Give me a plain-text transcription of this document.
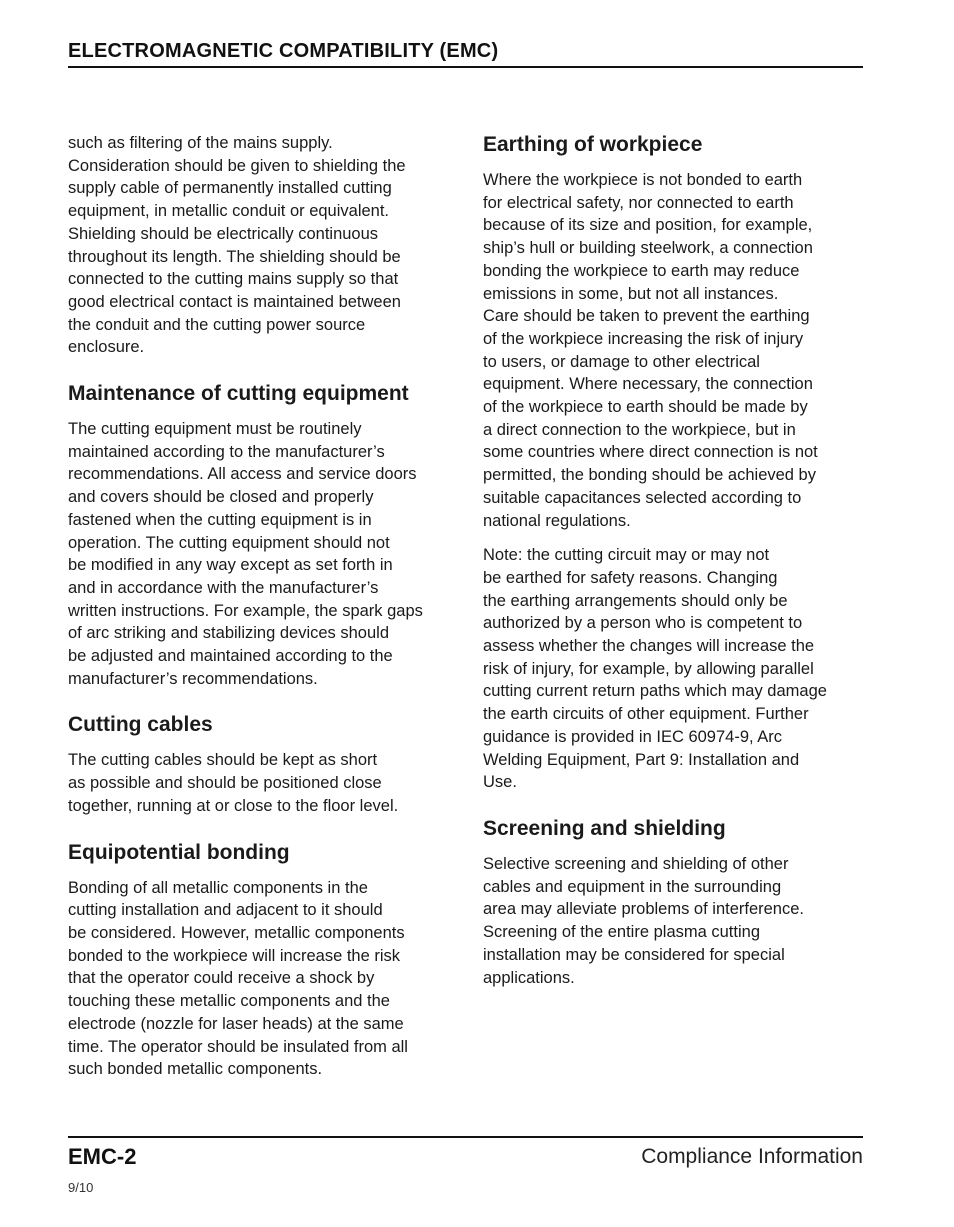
ELECTROMAGNETIC COMPATIBILITY (EMC)

such as filtering of the mains supply.
Consideration should be given to shielding the
supply cable of permanently installed cutting
equipment, in metallic conduit or equivalent.
Shielding should be electrically continuous
throughout its length. The shielding should be
connected to the cutting mains supply so that
good electrical contact is maintained between
the conduit and the cutting power source
enclosure.

Maintenance of cutting equipment

The cutting equipment must be routinely
maintained according to the manufacturer’s
recommendations. All access and service doors
and covers should be closed and properly
fastened when the cutting equipment is in
operation. The cutting equipment should not
be modified in any way except as set forth in
and in accordance with the manufacturer’s
written instructions. For example, the spark gaps
of arc striking and stabilizing devices should
be adjusted and maintained according to the
manufacturer’s recommendations.

Cutting cables

The cutting cables should be kept as short
as possible and should be positioned close
together, running at or close to the floor level.

Equipotential bonding

Bonding of all metallic components in the
cutting installation and adjacent to it should
be considered. However, metallic components
bonded to the workpiece will increase the risk
that the operator could receive a shock by
touching these metallic components and the
electrode (nozzle for laser heads) at the same
time. The operator should be insulated from all
such bonded metallic components.

Earthing of workpiece

Where the workpiece is not bonded to earth
for electrical safety, nor connected to earth
because of its size and position, for example,
ship’s hull or building steelwork, a connection
bonding the workpiece to earth may reduce
emissions in some, but not all instances.
Care should be taken to prevent the earthing
of the workpiece increasing the risk of injury
to users, or damage to other electrical
equipment. Where necessary, the connection
of the workpiece to earth should be made by
a direct connection to the workpiece, but in
some countries where direct connection is not
permitted, the bonding should be achieved by
suitable capacitances selected according to
national regulations.

Note: the cutting circuit may or may not
be earthed for safety reasons. Changing
the earthing arrangements should only be
authorized by a person who is competent to
assess whether the changes will increase the
risk of injury, for example, by allowing parallel
cutting current return paths which may damage
the earth circuits of other equipment. Further
guidance is provided in IEC 60974-9, Arc
Welding Equipment, Part 9: Installation and
Use.

Screening and shielding

Selective screening and shielding of other
cables and equipment in the surrounding
area may alleviate problems of interference.
Screening of the entire plasma cutting
installation may be considered for special
applications.

EMC-2	Compliance Information
9/10
